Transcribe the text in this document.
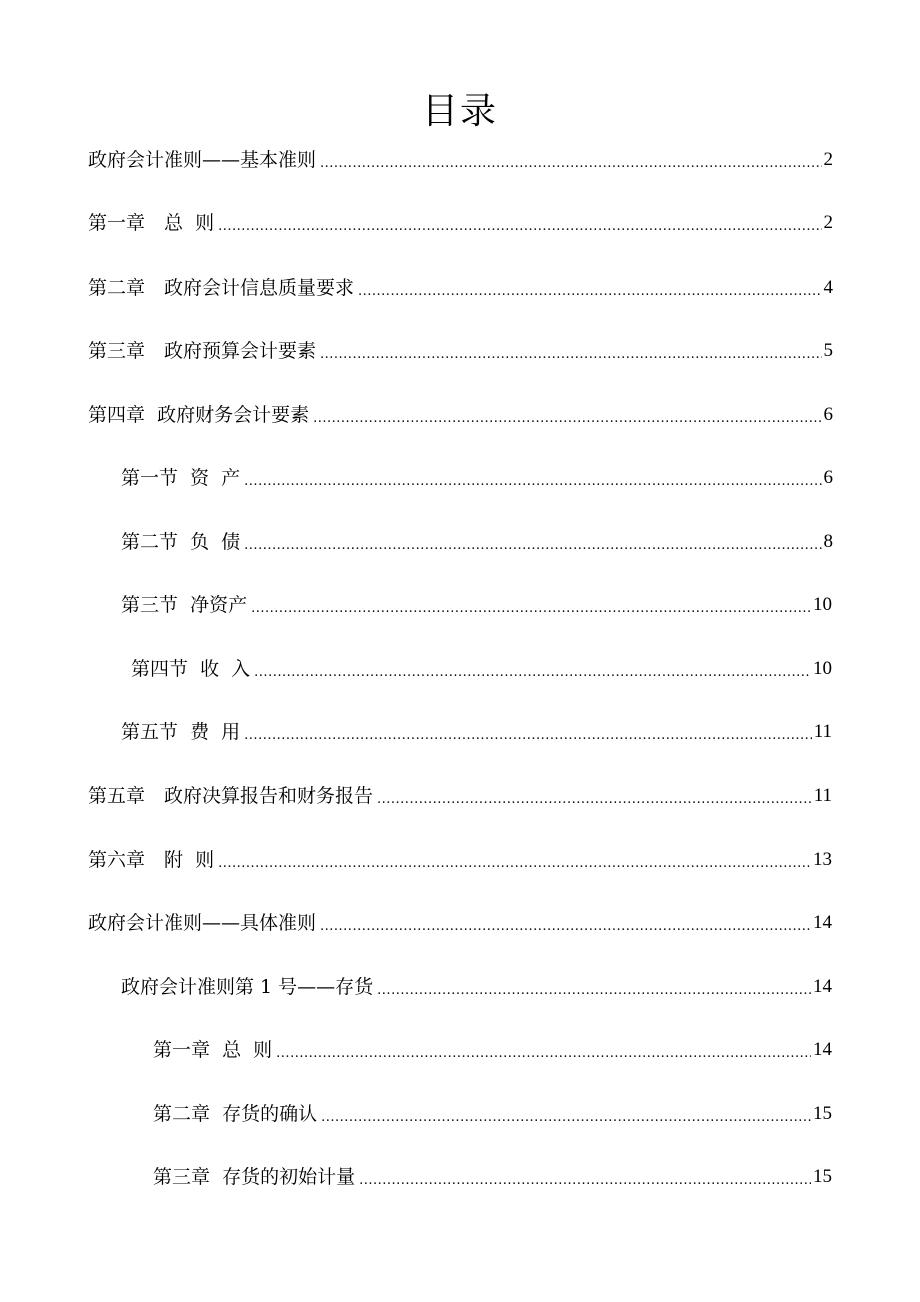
目录
政府会计准则——基本准则 .....	2
第一章　总  则 .....	2
第二章　政府会计信息质量要求 .....	4
第三章　政府预算会计要素 .....	5
第四章  政府财务会计要素 .....	6
第一节  资  产 .....	6
第二节  负  债 .....	8
第三节  净资产 .....	10
第四节  收  入 .....	10
第五节  费  用 .....	11
第五章　政府决算报告和财务报告 .....	11
第六章　附  则 .....	13
政府会计准则——具体准则 .....	14
政府会计准则第 1 号——存货 .....	14
第一章  总  则 .....	14
第二章  存货的确认 .....	15
第三章  存货的初始计量 .....	15
